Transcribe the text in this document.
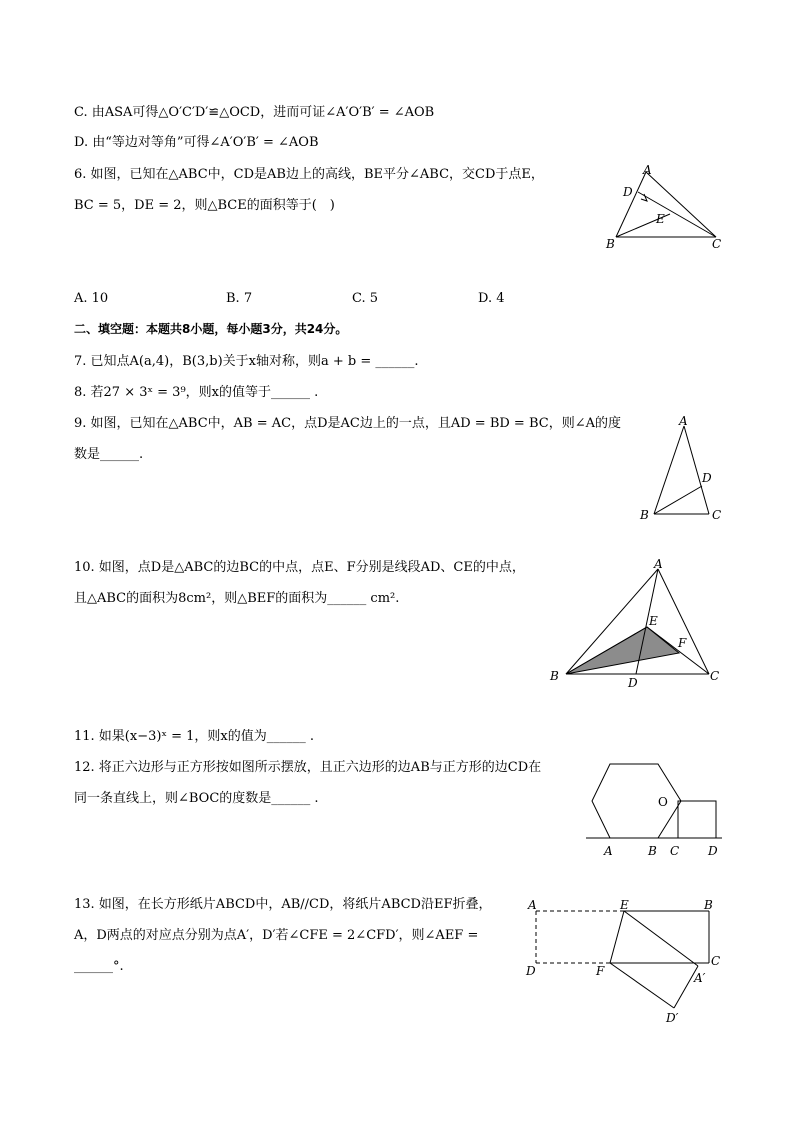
C. 由ASA可得△O′C′D′≌△OCD，进而可证∠A′O′B′ = ∠AOB
D. 由“等边对等角”可得∠A′O′B′ = ∠AOB
6. 如图，已知在△ABC中，CD是AB边上的高线，BE平分∠ABC，交CD于点E，
BC = 5，DE = 2，则△BCE的面积等于(　)
A. 10	B. 7	C. 5	D. 4
二、填空题：本题共8小题，每小题3分，共24分。
7. 已知点A(a,4)，B(3,b)关于x轴对称，则a + b = ______.
8. 若27 × 3ˣ = 3⁹，则x的值等于______ .
9. 如图，已知在△ABC中，AB = AC，点D是AC边上的一点，且AD = BD = BC，则∠A的度
数是______.
10. 如图，点D是△ABC的边BC的中点，点E、F分别是线段AD、CE的中点，
且△ABC的面积为8cm²，则△BEF的面积为______ cm².
11. 如果(x−3)ˣ = 1，则x的值为______ .
12. 将正六边形与正方形按如图所示摆放，且正六边形的边AB与正方形的边CD在
同一条直线上，则∠BOC的度数是______ .
13. 如图，在长方形纸片ABCD中，AB//CD，将纸片ABCD沿EF折叠，
A，D两点的对应点分别为点A′，D′若∠CFE = 2∠CFD′，则∠AEF =
______°.
A
D
E
B	C
A
D
B	C
A
E
F
B	D	C
O
A	B C D
A	E	B
D	F
C
A′
D′
